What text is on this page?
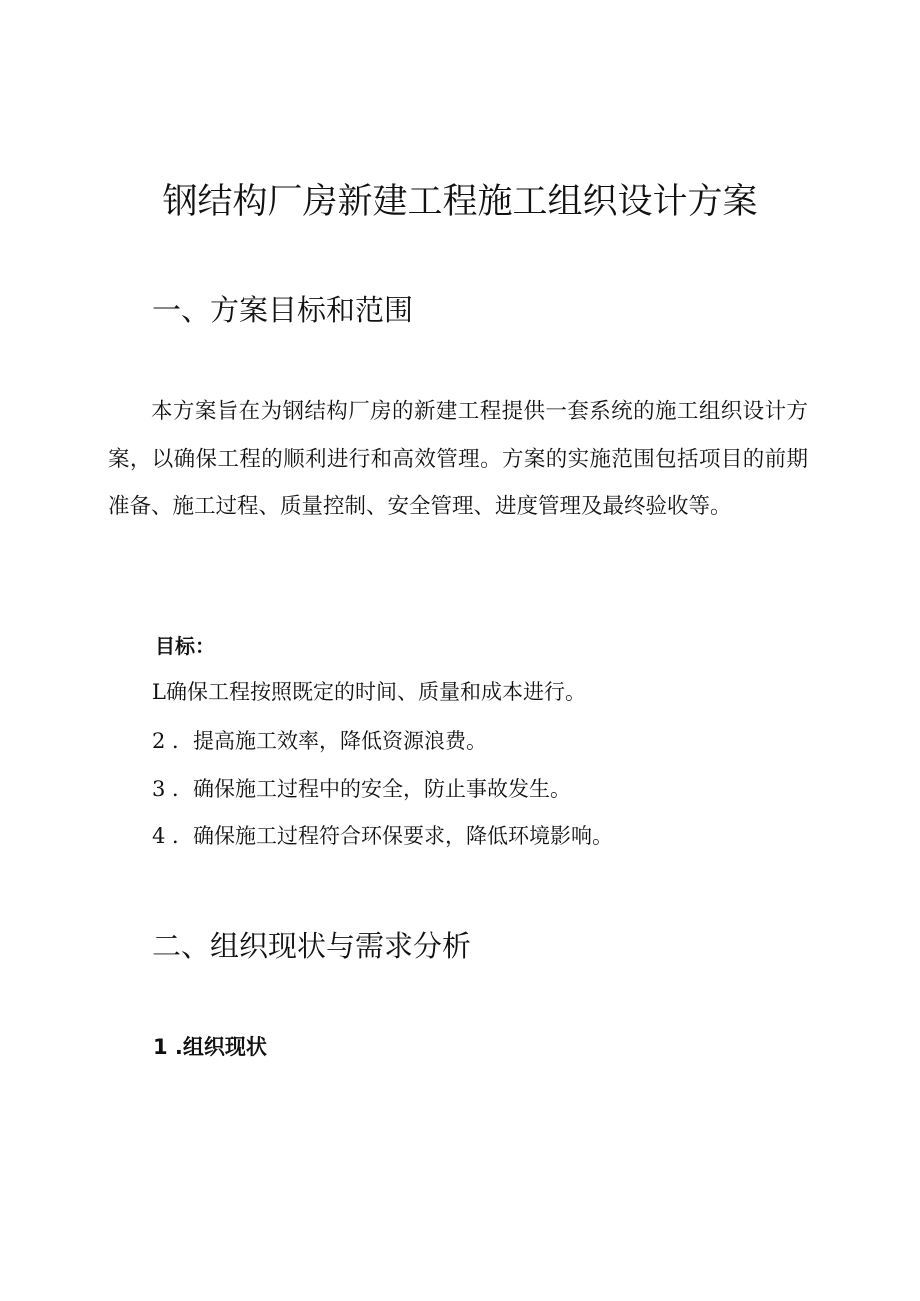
钢结构厂房新建工程施工组织设计方案
一、方案目标和范围

本方案旨在为钢结构厂房的新建工程提供一套系统的施工组织设计方案，以确保工程的顺利进行和高效管理。方案的实施范围包括项目的前期准备、施工过程、质量控制、安全管理、进度管理及最终验收等。

目标：

L确保工程按照既定的时间、质量和成本进行。

2 ．提高施工效率，降低资源浪费。

3 ．确保施工过程中的安全，防止事故发生。

4 ．确保施工过程符合环保要求，降低环境影响。

二、组织现状与需求分析
1 .组织现状
